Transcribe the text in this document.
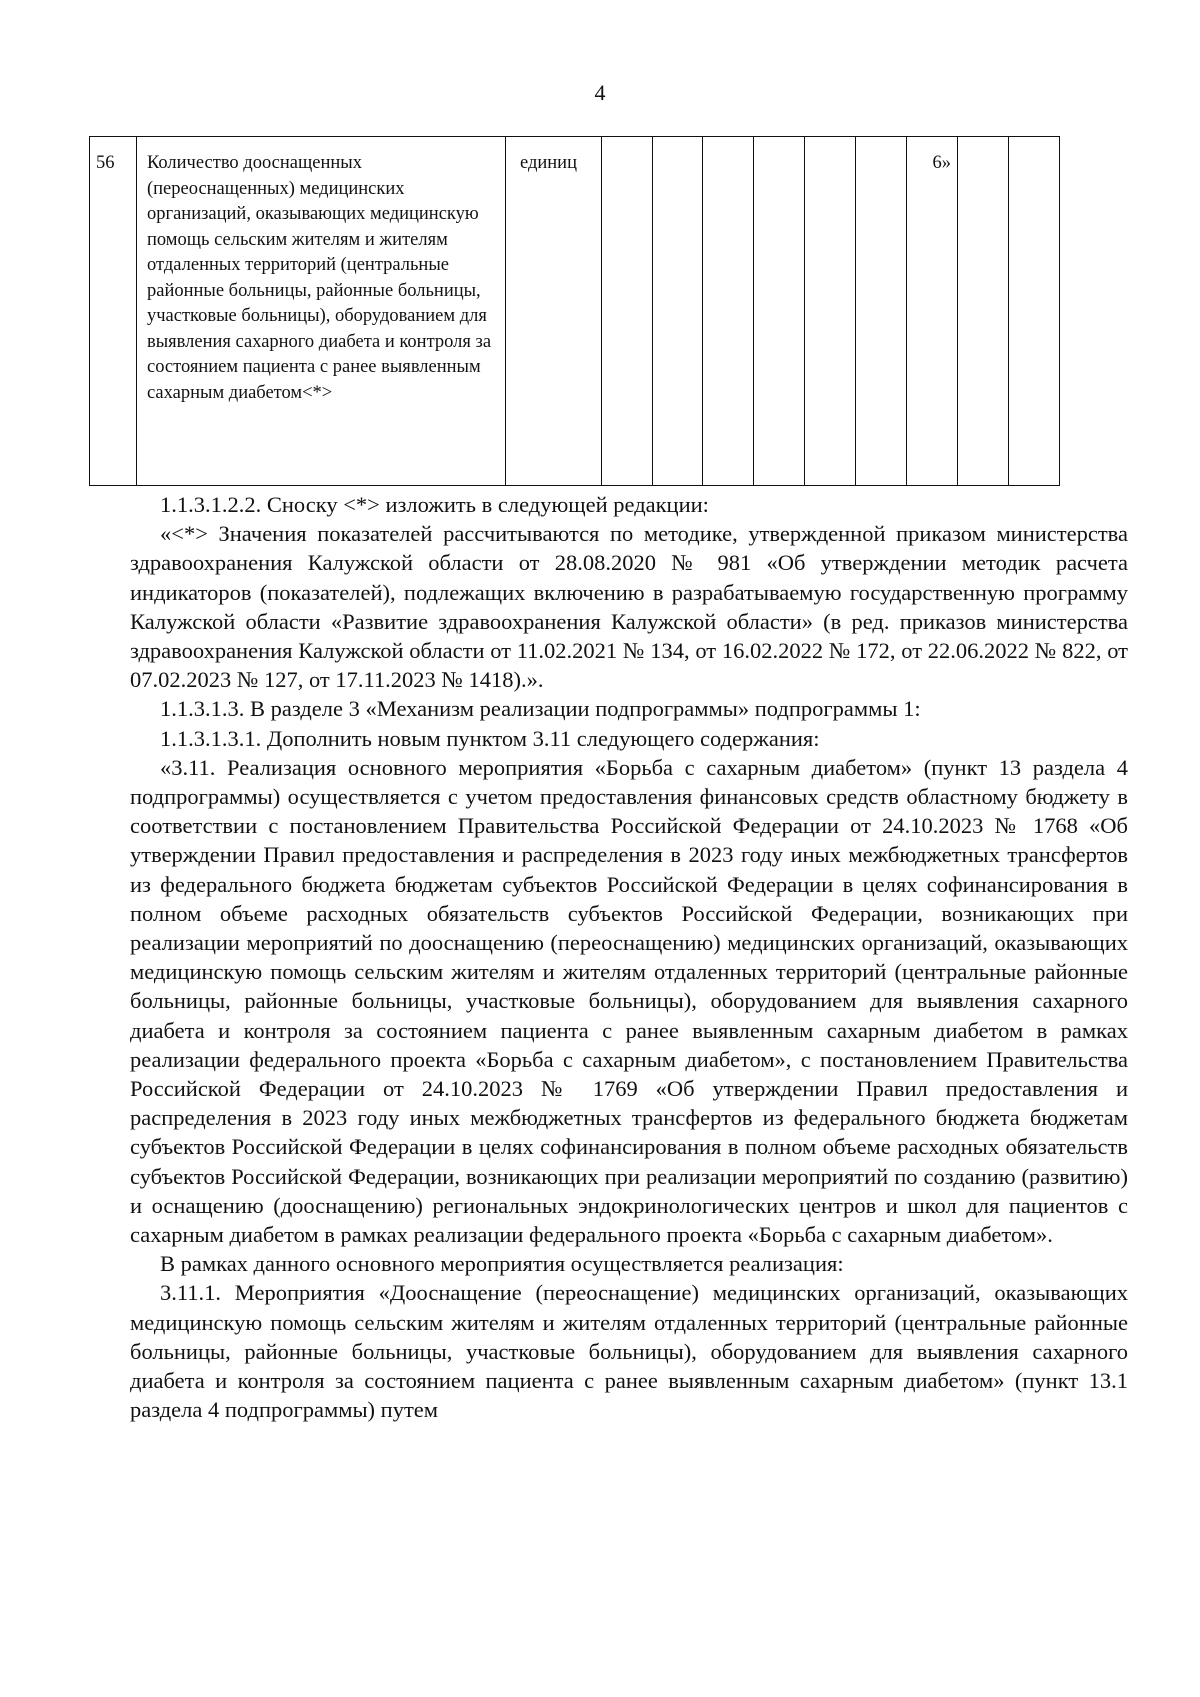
4
56	Количество дооснащенных (переоснащенных) медицинских организаций, оказывающих медицинскую помощь сельским жителям и жителям отдаленных территорий (центральные районные больницы, районные больницы, участковые больницы), оборудованием для выявления сахарного диабета и контроля за состоянием пациента с ранее выявленным сахарным диабетом<*>	единиц							6»		

1.1.3.1.2.2. Сноску <*> изложить в следующей редакции:

«<*> Значения показателей рассчитываются по методике, утвержденной приказом министерства здравоохранения Калужской области от 28.08.2020 № 981 «Об утверждении методик расчета индикаторов (показателей), подлежащих включению в разрабатываемую государственную программу Калужской области «Развитие здравоохранения Калужской области» (в ред. приказов министерства здравоохранения Калужской области от 11.02.2021 № 134, от 16.02.2022 № 172, от 22.06.2022 № 822, от 07.02.2023 № 127, от 17.11.2023 № 1418).».

1.1.3.1.3. В разделе 3 «Механизм реализации подпрограммы» подпрограммы 1:

1.1.3.1.3.1. Дополнить новым пунктом 3.11 следующего содержания:

«3.11. Реализация основного мероприятия «Борьба с сахарным диабетом» (пункт 13 раздела 4 подпрограммы) осуществляется с учетом предоставления финансовых средств областному бюджету в соответствии с постановлением Правительства Российской Федерации от 24.10.2023 № 1768 «Об утверждении Правил предоставления и распределения в 2023 году иных межбюджетных трансфертов из федерального бюджета бюджетам субъектов Российской Федерации в целях софинансирования в полном объеме расходных обязательств субъектов Российской Федерации, возникающих при реализации мероприятий по дооснащению (переоснащению) медицинских организаций, оказывающих медицинскую помощь сельским жителям и жителям отдаленных территорий (центральные районные больницы, районные больницы, участковые больницы), оборудованием для выявления сахарного диабета и контроля за состоянием пациента с ранее выявленным сахарным диабетом в рамках реализации федерального проекта «Борьба с сахарным диабетом», с постановлением Правительства Российской Федерации от 24.10.2023 № 1769 «Об утверждении Правил предоставления и распределения в 2023 году иных межбюджетных трансфертов из федерального бюджета бюджетам субъектов Российской Федерации в целях софинансирования в полном объеме расходных обязательств субъектов Российской Федерации, возникающих при реализации мероприятий по созданию (развитию) и оснащению (дооснащению) региональных эндокринологических центров и школ для пациентов с сахарным диабетом в рамках реализации федерального проекта «Борьба с сахарным диабетом».

В рамках данного основного мероприятия осуществляется реализация:

3.11.1. Мероприятия «Дооснащение (переоснащение) медицинских организаций, оказывающих медицинскую помощь сельским жителям и жителям отдаленных территорий (центральные районные больницы, районные больницы, участковые больницы), оборудованием для выявления сахарного диабета и контроля за состоянием пациента с ранее выявленным сахарным диабетом» (пункт 13.1 раздела 4 подпрограммы) путем
